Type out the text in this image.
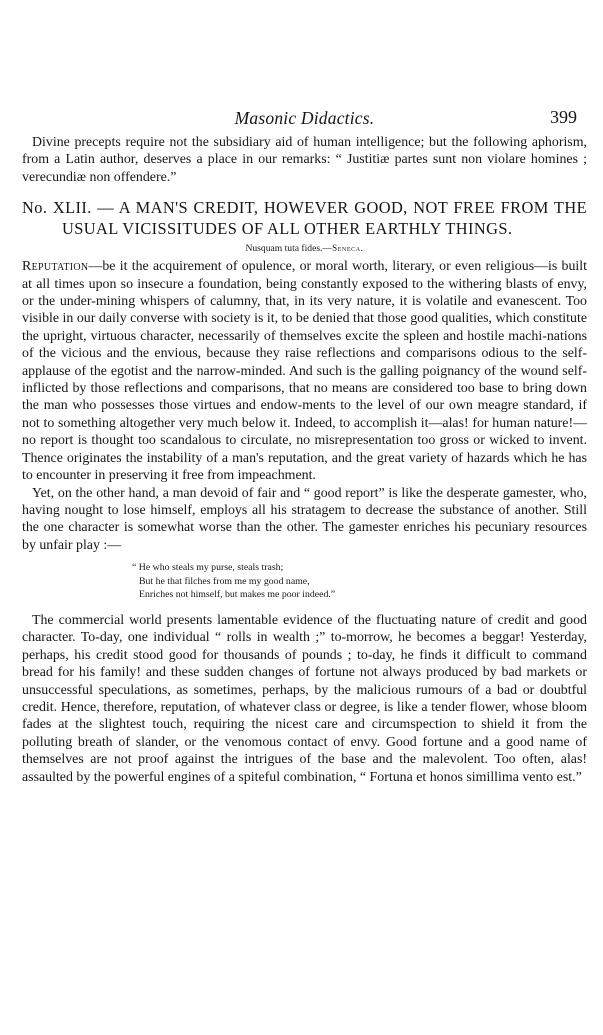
Masonic Didactics.	399

Divine precepts require not the subsidiary aid of human intelligence; but the following aphorism, from a Latin author, deserves a place in our remarks: “ Justitiæ partes sunt non violare homines ; verecundiæ non offendere.”

No. XLII. — A MAN'S CREDIT, HOWEVER GOOD, NOT FREE FROM THE USUAL VICISSITUDES OF ALL OTHER EARTHLY THINGS.
Nusquam tuta fides.—Seneca.

Reputation—be it the acquirement of opulence, or moral worth, literary, or even religious—is built at all times upon so insecure a foundation, being constantly exposed to the withering blasts of envy, or the under-mining whispers of calumny, that, in its very nature, it is volatile and evanescent. Too visible in our daily converse with society is it, to be denied that those good qualities, which constitute the upright, virtuous character, necessarily of themselves excite the spleen and hostile machi-nations of the vicious and the envious, because they raise reflections and comparisons odious to the self-applause of the egotist and the narrow-minded. And such is the galling poignancy of the wound self-inflicted by those reflections and comparisons, that no means are considered too base to bring down the man who possesses those virtues and endow-ments to the level of our own meagre standard, if not to something altogether very much below it. Indeed, to accomplish it—alas! for human nature!—no report is thought too scandalous to circulate, no misrepresentation too gross or wicked to invent. Thence originates the instability of a man's reputation, and the great variety of hazards which he has to encounter in preserving it free from impeachment.

Yet, on the other hand, a man devoid of fair and “ good report” is like the desperate gamester, who, having nought to lose himself, employs all his stratagem to decrease the substance of another. Still the one character is somewhat worse than the other. The gamester enriches his pecuniary resources by unfair play :—

“ He who steals my purse, steals trash;
But he that filches from me my good name,
Enriches not himself, but makes me poor indeed.”

The commercial world presents lamentable evidence of the fluctuating nature of credit and good character. To-day, one individual “ rolls in wealth ;” to-morrow, he becomes a beggar! Yesterday, perhaps, his credit stood good for thousands of pounds ; to-day, he finds it difficult to command bread for his family! and these sudden changes of fortune not always produced by bad markets or unsuccessful speculations, as sometimes, perhaps, by the malicious rumours of a bad or doubtful credit. Hence, therefore, reputation, of whatever class or degree, is like a tender flower, whose bloom fades at the slightest touch, requiring the nicest care and circumspection to shield it from the polluting breath of slander, or the venomous contact of envy. Good fortune and a good name of themselves are not proof against the intrigues of the base and the malevolent. Too often, alas! assaulted by the powerful engines of a spiteful combination, “ Fortuna et honos simillima vento est.”
